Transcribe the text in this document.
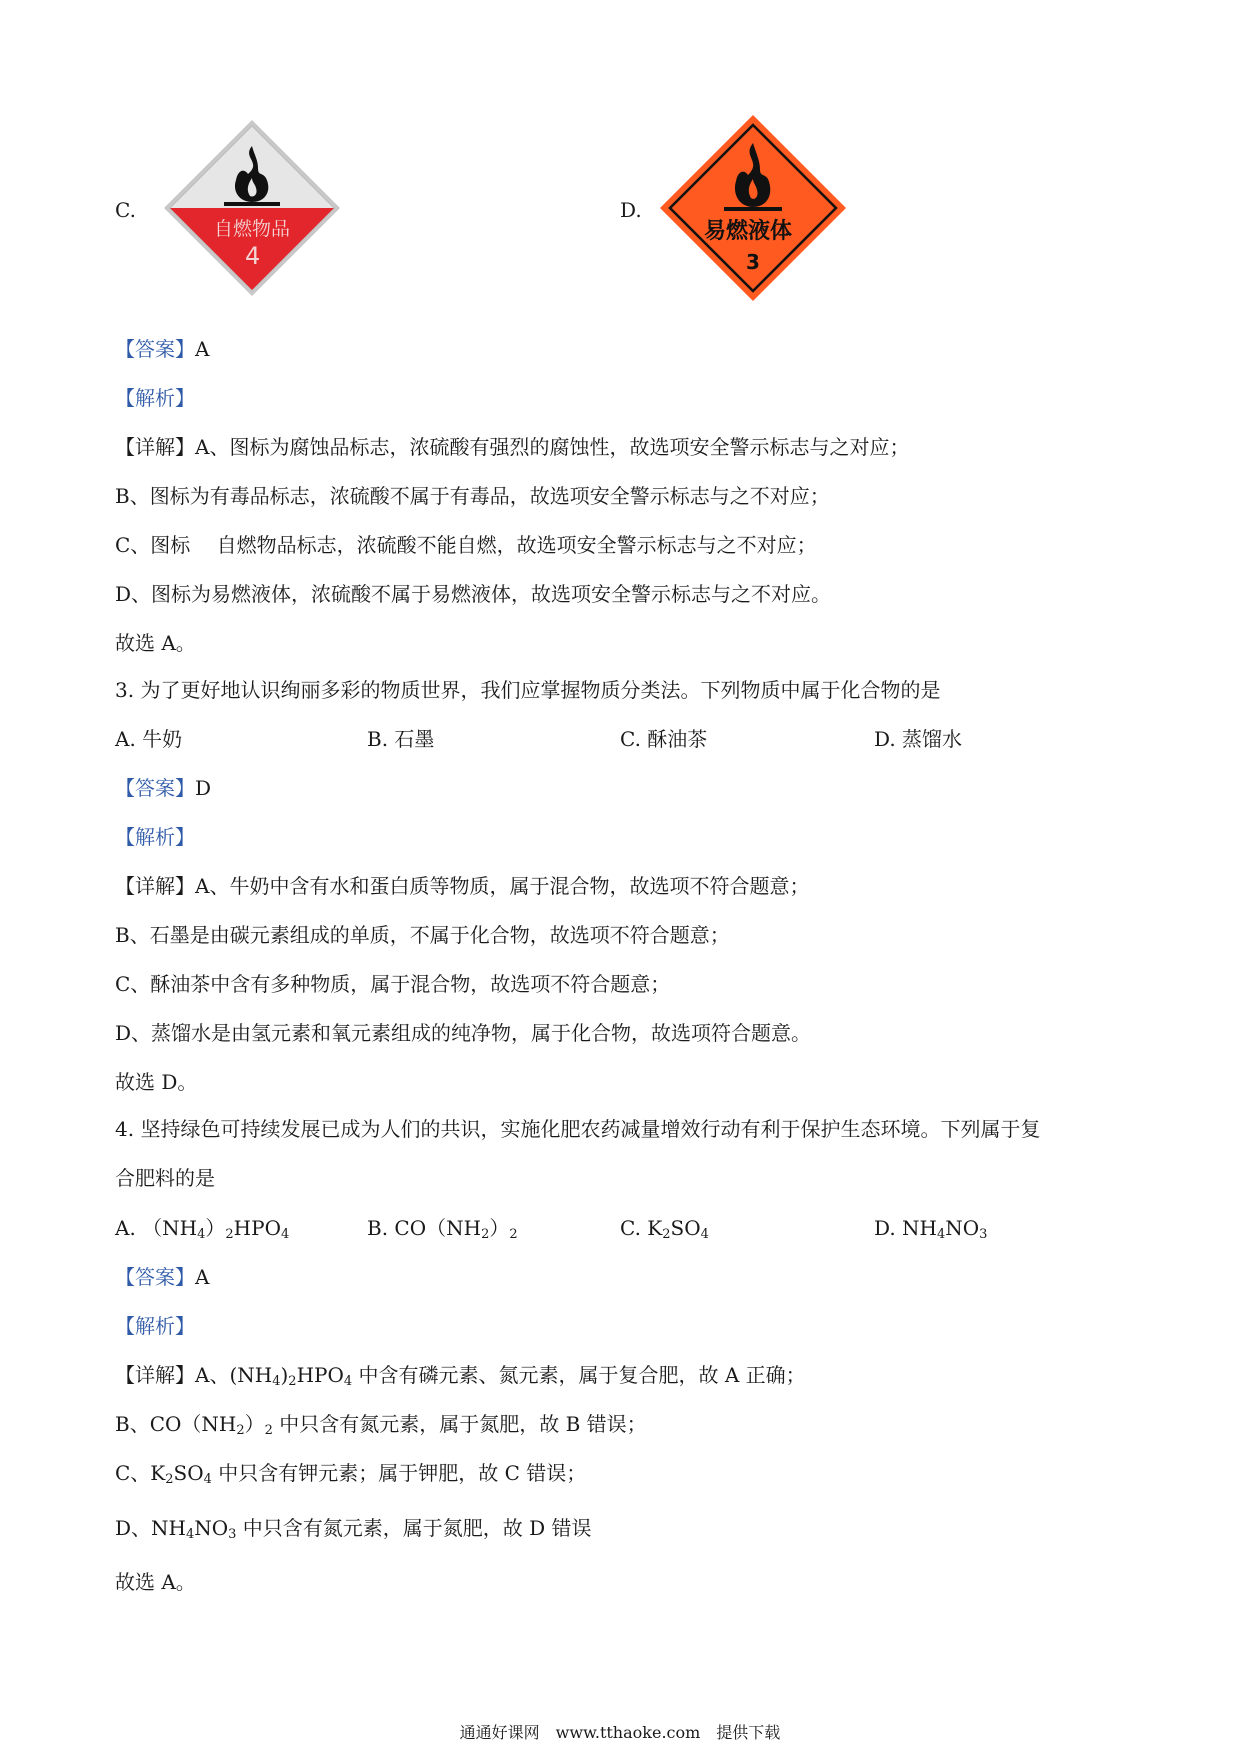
C.
自燃物品
4
D.
易燃液体
3
【答案】A
【解析】
【详解】A、图标为腐蚀品标志，浓硫酸有强烈的腐蚀性，故选项安全警示标志与之对应；
B、图标为有毒品标志，浓硫酸不属于有毒品，故选项安全警示标志与之不对应；
C、图标　 自燃物品标志，浓硫酸不能自燃，故选项安全警示标志与之不对应；
D、图标为易燃液体，浓硫酸不属于易燃液体，故选项安全警示标志与之不对应。
故选 A。
3. 为了更好地认识绚丽多彩的物质世界，我们应掌握物质分类法。下列物质中属于化合物的是
A. 牛奶	B. 石墨	C. 酥油茶	D. 蒸馏水
【答案】D
【解析】
【详解】A、牛奶中含有水和蛋白质等物质，属于混合物，故选项不符合题意；
B、石墨是由碳元素组成的单质，不属于化合物，故选项不符合题意；
C、酥油茶中含有多种物质，属于混合物，故选项不符合题意；
D、蒸馏水是由氢元素和氧元素组成的纯净物，属于化合物，故选项符合题意。
故选 D。
4. 坚持绿色可持续发展已成为人们的共识，实施化肥农药减量增效行动有利于保护生态环境。下列属于复
合肥料的是
A. $(NH_4)_2HPO_4$	B. $CO(NH_2)_2$	C. $K_2SO_4$	D. $NH_4NO_3$
【答案】A
【解析】
【详解】A、$(NH_4)_2HPO_4$ 中含有磷元素、氮元素，属于复合肥，故 A 正确；
B、$CO(NH_2)_2$ 中只含有氮元素，属于氮肥，故 B 错误；
C、$K_2SO_4$ 中只含有钾元素；属于钾肥，故 C 错误；
D、$NH_4NO_3$ 中只含有氮元素，属于氮肥，故 D 错误
故选 A。
通通好课网　www.tthaoke.com　提供下载
